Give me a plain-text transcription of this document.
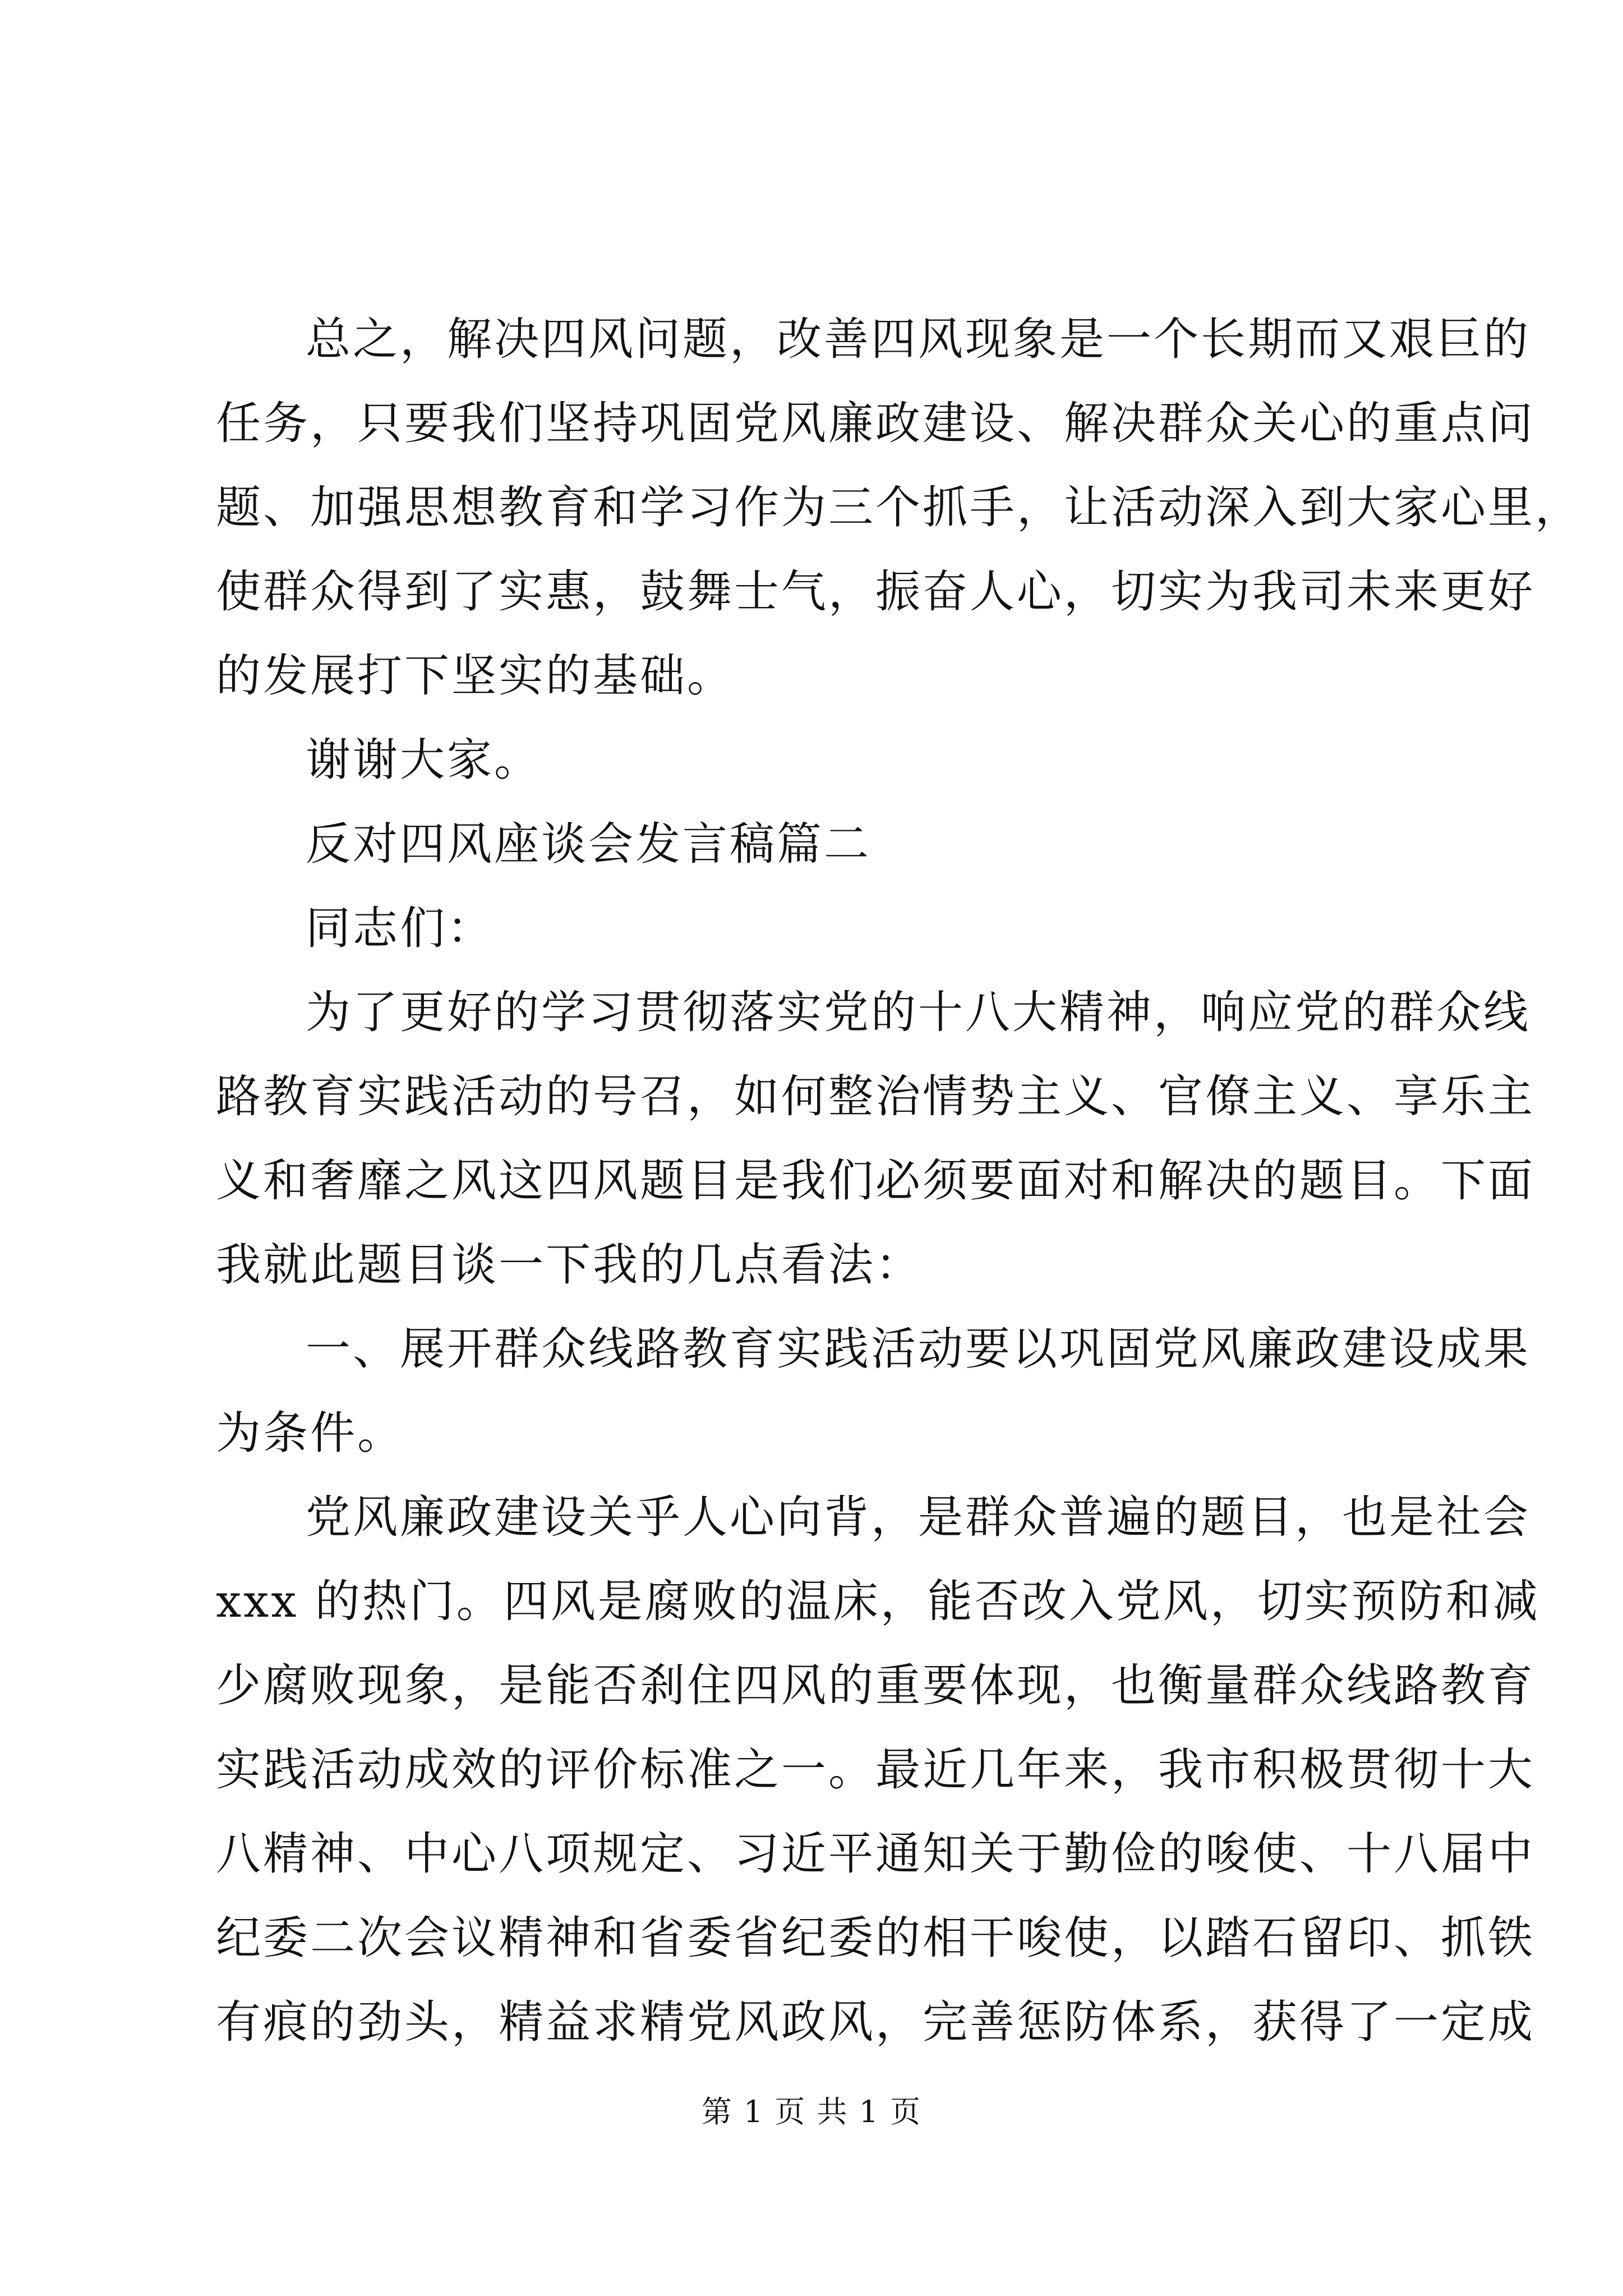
总之，解决四风问题，改善四风现象是一个长期而又艰巨的
任务，只要我们坚持巩固党风廉政建设、解决群众关心的重点问
题、加强思想教育和学习作为三个抓手，让活动深入到大家心里，
使群众得到了实惠，鼓舞士气，振奋人心，切实为我司未来更好
的发展打下坚实的基础。
谢谢大家。
反对四风座谈会发言稿篇二
同志们：
为了更好的学习贯彻落实党的十八大精神，响应党的群众线
路教育实践活动的号召，如何整治情势主义、官僚主义、享乐主
义和奢靡之风这四风题目是我们必须要面对和解决的题目。下面
我就此题目谈一下我的几点看法：
一、展开群众线路教育实践活动要以巩固党风廉政建设成果
为条件。
党风廉政建设关乎人心向背，是群众普遍的题目，也是社会
xxx 的热门。四风是腐败的温床，能否改入党风，切实预防和减
少腐败现象，是能否刹住四风的重要体现，也衡量群众线路教育
实践活动成效的评价标准之一。最近几年来，我市积极贯彻十大
八精神、中心八项规定、习近平通知关于勤俭的唆使、十八届中
纪委二次会议精神和省委省纪委的相干唆使，以踏石留印、抓铁
有痕的劲头，精益求精党风政风，完善惩防体系，获得了一定成
第 1 页 共 1 页
